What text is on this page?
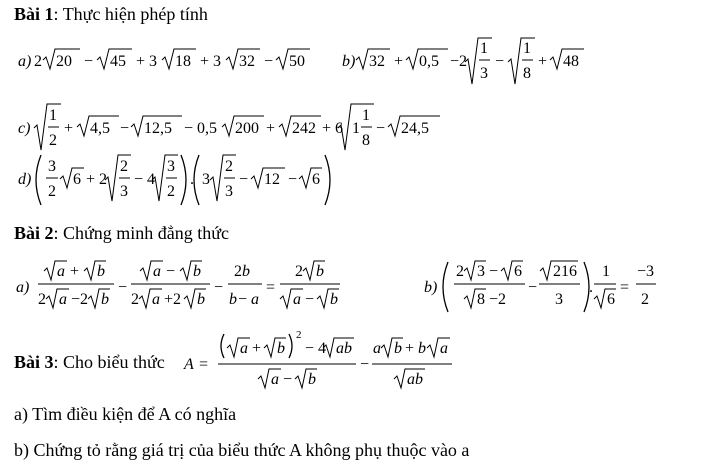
Bài 1: Thực hiện phép tính
Bài 2: Chứng minh đẳng thức
Bài 3: Cho biểu thức
a) Tìm điều kiện để A có nghĩa
b) Chứng tỏ rằng giá trị của biểu thức A không phụ thuộc vào a
a) 2 20 − 45 + 3 18 + 3 32 − 50 b) 32 + 0,5 −2
1
3
−
1
8
+ 48
c)
1
2
+ 4,5 − 12,5 − 0,5 200 + 242 + 6 1
1
8
− 24,5
d)
3
2
6 + 2
2
3
− 4
3
2
. 3
2
3
− 12 − 6
a)
a + b
2 a −2 b
−
a − b
2 a +2 b
−
2 b
b − a
=
2 b
a − b
b)
2 3 − 6
8 −2
−
216
3
.
1
6
=
−3
2
A =
a + b
2
− 4 ab
a − b
−
a b + b a
ab
